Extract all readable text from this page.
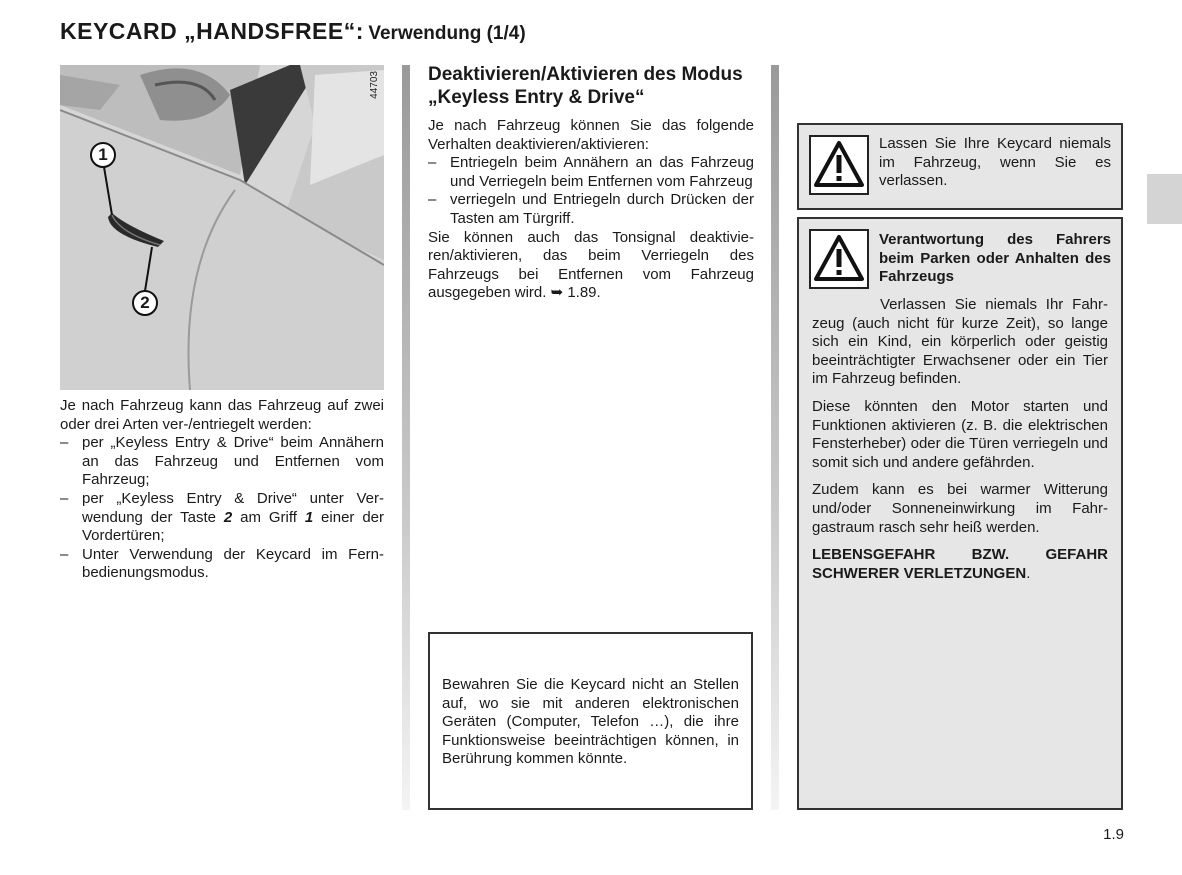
KEYCARD „HANDSFREE“: Verwendung (1/4)
44703
1
2
Je nach Fahrzeug kann das Fahrzeug auf zwei oder drei Arten ver-/entriegelt werden:
– per „Keyless Entry & Drive“ beim Annähern an das Fahrzeug und Entfernen vom Fahrzeug;
– per „Keyless Entry & Drive“ unter Verwendung der Taste 2 am Griff 1 einer der Vordertüren;
– Unter Verwendung der Keycard im Fernbedienungsmodus.
Deaktivieren/Aktivieren des Modus „Keyless Entry & Drive“
Je nach Fahrzeug können Sie das folgende Verhalten deaktivieren/aktivieren:
– Entriegeln beim Annähern an das Fahrzeug und Verriegeln beim Entfernen vom Fahrzeug
– verriegeln und Entriegeln durch Drücken der Tasten am Türgriff.
Sie können auch das Tonsignal deaktivieren/aktivieren, das beim Verriegeln des Fahrzeugs bei Entfernen vom Fahrzeug ausgegeben wird. ➥ 1.89.
Bewahren Sie die Keycard nicht an Stellen auf, wo sie mit anderen elektronischen Geräten (Computer, Telefon …), die ihre Funktionsweise beeinträchtigen können, in Berührung kommen könnte.
Lassen Sie Ihre Keycard niemals im Fahrzeug, wenn Sie es verlassen.
Verantwortung des Fahrers beim Parken oder Anhalten des Fahrzeugs

Verlassen Sie niemals Ihr Fahrzeug (auch nicht für kurze Zeit), so lange sich ein Kind, ein körperlich oder geistig beeinträchtigter Erwachsener oder ein Tier im Fahrzeug befinden.

Diese könnten den Motor starten und Funktionen aktivieren (z. B. die elektrischen Fensterheber) oder die Türen verriegeln und somit sich und andere gefährden.

Zudem kann es bei warmer Witterung und/oder Sonneneinwirkung im Fahrgastraum rasch sehr heiß werden.

LEBENSGEFAHR BZW. GEFAHR SCHWERER VERLETZUNGEN.

1.9
